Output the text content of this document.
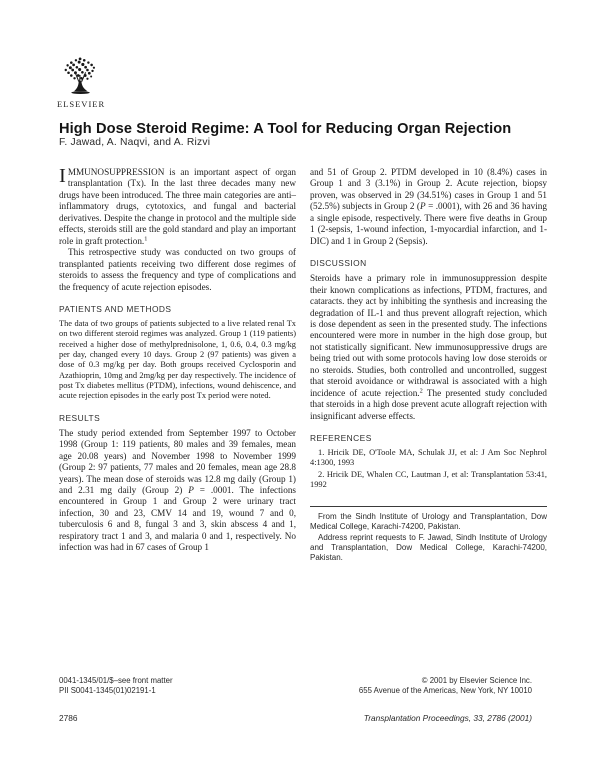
ELSEVIER
High Dose Steroid Regime: A Tool for Reducing Organ Rejection
F. Jawad, A. Naqvi, and A. Rizvi

IMMUNOSUPPRESSION is an important aspect of organ transplantation (Tx). In the last three decades many new drugs have been introduced. The three main categories are anti–inflammatory drugs, cytotoxics, and fungal and bacterial derivatives. Despite the change in protocol and the multiple side effects, steroids still are the gold standard and play an important role in graft protection.$^1$

This retrospective study was conducted on two groups of transplanted patients receiving two different dose regimes of steroids to assess the frequency and type of complications and the frequency of acute rejection episodes.

PATIENTS AND METHODS

The data of two groups of patients subjected to a live related renal Tx on two different steroid regimes was analyzed. Group 1 (119 patients) received a higher dose of methylprednisolone, 1, 0.6, 0.4, 0.3 mg/kg per day, changed every 10 days. Group 2 (97 patients) was given a dose of 0.3 mg/kg per day. Both groups received Cyclosporin and Azathioprin, 10mg and 2mg/kg per day respectively. The incidence of post Tx diabetes mellitus (PTDM), infections, wound dehiscence, and acute rejection episodes in the early post Tx period were noted.

RESULTS

The study period extended from September 1997 to October 1998 (Group 1: 119 patients, 80 males and 39 females, mean age 20.08 years) and November 1998 to November 1999 (Group 2: 97 patients, 77 males and 20 females, mean age 28.8 years). The mean dose of steroids was 12.8 mg daily (Group 1) and 2.31 mg daily (Group 2) P = .0001. The infections encountered in Group 1 and Group 2 were urinary tract infection, 30 and 23, CMV 14 and 19, wound 7 and 0, tuberculosis 6 and 8, fungal 3 and 3, skin abscess 4 and 1, respiratory tract 1 and 3, and malaria 0 and 1, respectively. No infection was had in 67 cases of Group 1

and 51 of Group 2. PTDM developed in 10 (8.4%) cases in Group 1 and 3 (3.1%) in Group 2. Acute rejection, biopsy proven, was observed in 29 (34.51%) cases in Group 1 and 51 (52.5%) subjects in Group 2 (P = .0001), with 26 and 36 having a single episode, respectively. There were five deaths in Group 1 (2-sepsis, 1-wound infection, 1-myocardial infarction, and 1-DIC) and 1 in Group 2 (Sepsis).

DISCUSSION

Steroids have a primary role in immunosuppression despite their known complications as infections, PTDM, fractures, and cataracts. they act by inhibiting the synthesis and increasing the degradation of IL-1 and thus prevent allograft rejection, which is dose dependent as seen in the presented study. The infections encountered were more in number in the high dose group, but not statistically significant. New immunosuppressive drugs are being tried out with some protocols having low dose steroids or no steroids. Studies, both controlled and uncontrolled, suggest that steroid avoidance or withdrawal is associated with a high incidence of acute rejection.$^2$ The presented study concluded that steroids in a high dose prevent acute allograft rejection with insignificant adverse effects.

REFERENCES

1. Hricik DE, O'Toole MA, Schulak JJ, et al: J Am Soc Nephrol 4:1300, 1993

2. Hricik DE, Whalen CC, Lautman J, et al: Transplantation 53:41, 1992

From the Sindh Institute of Urology and Transplantation, Dow Medical College, Karachi-74200, Pakistan.

Address reprint requests to F. Jawad, Sindh Institute of Urology and Transplantation, Dow Medical College, Karachi-74200, Pakistan.

0041-1345/01/$–see front matter
PII S0041-1345(01)02191-1
© 2001 by Elsevier Science Inc.
655 Avenue of the Americas, New York, NY 10010
2786	Transplantation Proceedings, 33, 2786 (2001)
